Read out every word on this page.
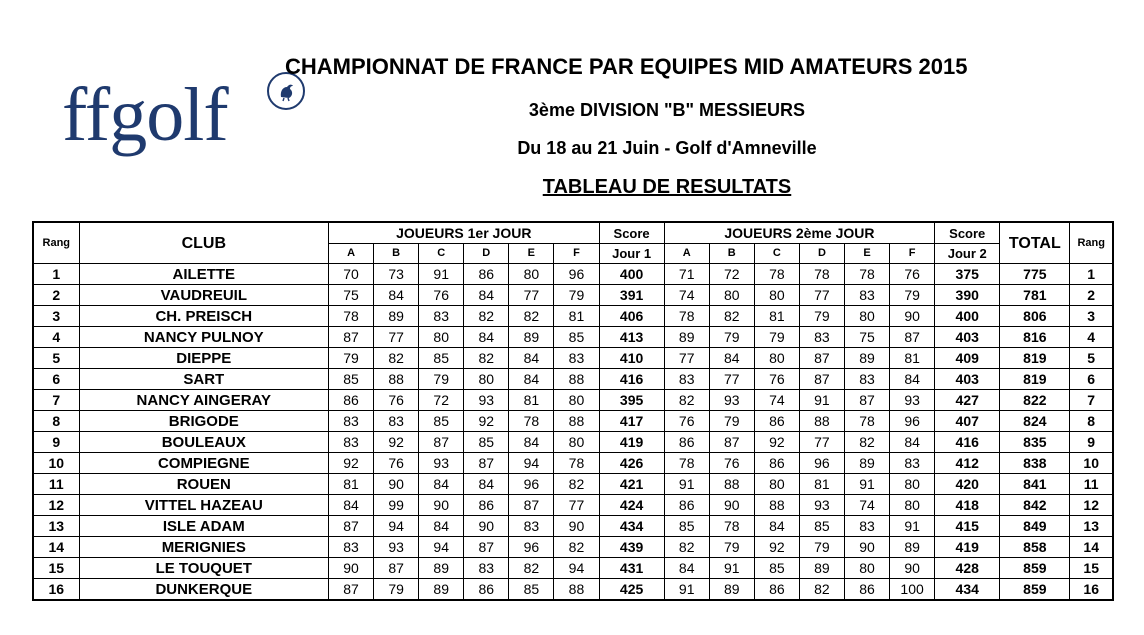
ffgolf
CHAMPIONNAT DE FRANCE PAR EQUIPES MID AMATEURS 2015
3ème DIVISION "B" MESSIEURS
Du 18 au 21 Juin - Golf d'Amneville
TABLEAU DE RESULTATS
Rang	CLUB	JOUEURS 1er JOUR						Score	JOUEURS 2ème JOUR						Score	TOTAL	Rang
		A	B	C	D	E	F	Jour 1	A	B	C	D	E	F	Jour 2		
1	AILETTE	70	73	91	86	80	96	400	71	72	78	78	78	76	375	775	1
2	VAUDREUIL	75	84	76	84	77	79	391	74	80	80	77	83	79	390	781	2
3	CH. PREISCH	78	89	83	82	82	81	406	78	82	81	79	80	90	400	806	3
4	NANCY PULNOY	87	77	80	84	89	85	413	89	79	79	83	75	87	403	816	4
5	DIEPPE	79	82	85	82	84	83	410	77	84	80	87	89	81	409	819	5
6	SART	85	88	79	80	84	88	416	83	77	76	87	83	84	403	819	6
7	NANCY AINGERAY	86	76	72	93	81	80	395	82	93	74	91	87	93	427	822	7
8	BRIGODE	83	83	85	92	78	88	417	76	79	86	88	78	96	407	824	8
9	BOULEAUX	83	92	87	85	84	80	419	86	87	92	77	82	84	416	835	9
10	COMPIEGNE	92	76	93	87	94	78	426	78	76	86	96	89	83	412	838	10
11	ROUEN	81	90	84	84	96	82	421	91	88	80	81	91	80	420	841	11
12	VITTEL HAZEAU	84	99	90	86	87	77	424	86	90	88	93	74	80	418	842	12
13	ISLE ADAM	87	94	84	90	83	90	434	85	78	84	85	83	91	415	849	13
14	MERIGNIES	83	93	94	87	96	82	439	82	79	92	79	90	89	419	858	14
15	LE TOUQUET	90	87	89	83	82	94	431	84	91	85	89	80	90	428	859	15
16	DUNKERQUE	87	79	89	86	85	88	425	91	89	86	82	86	100	434	859	16
